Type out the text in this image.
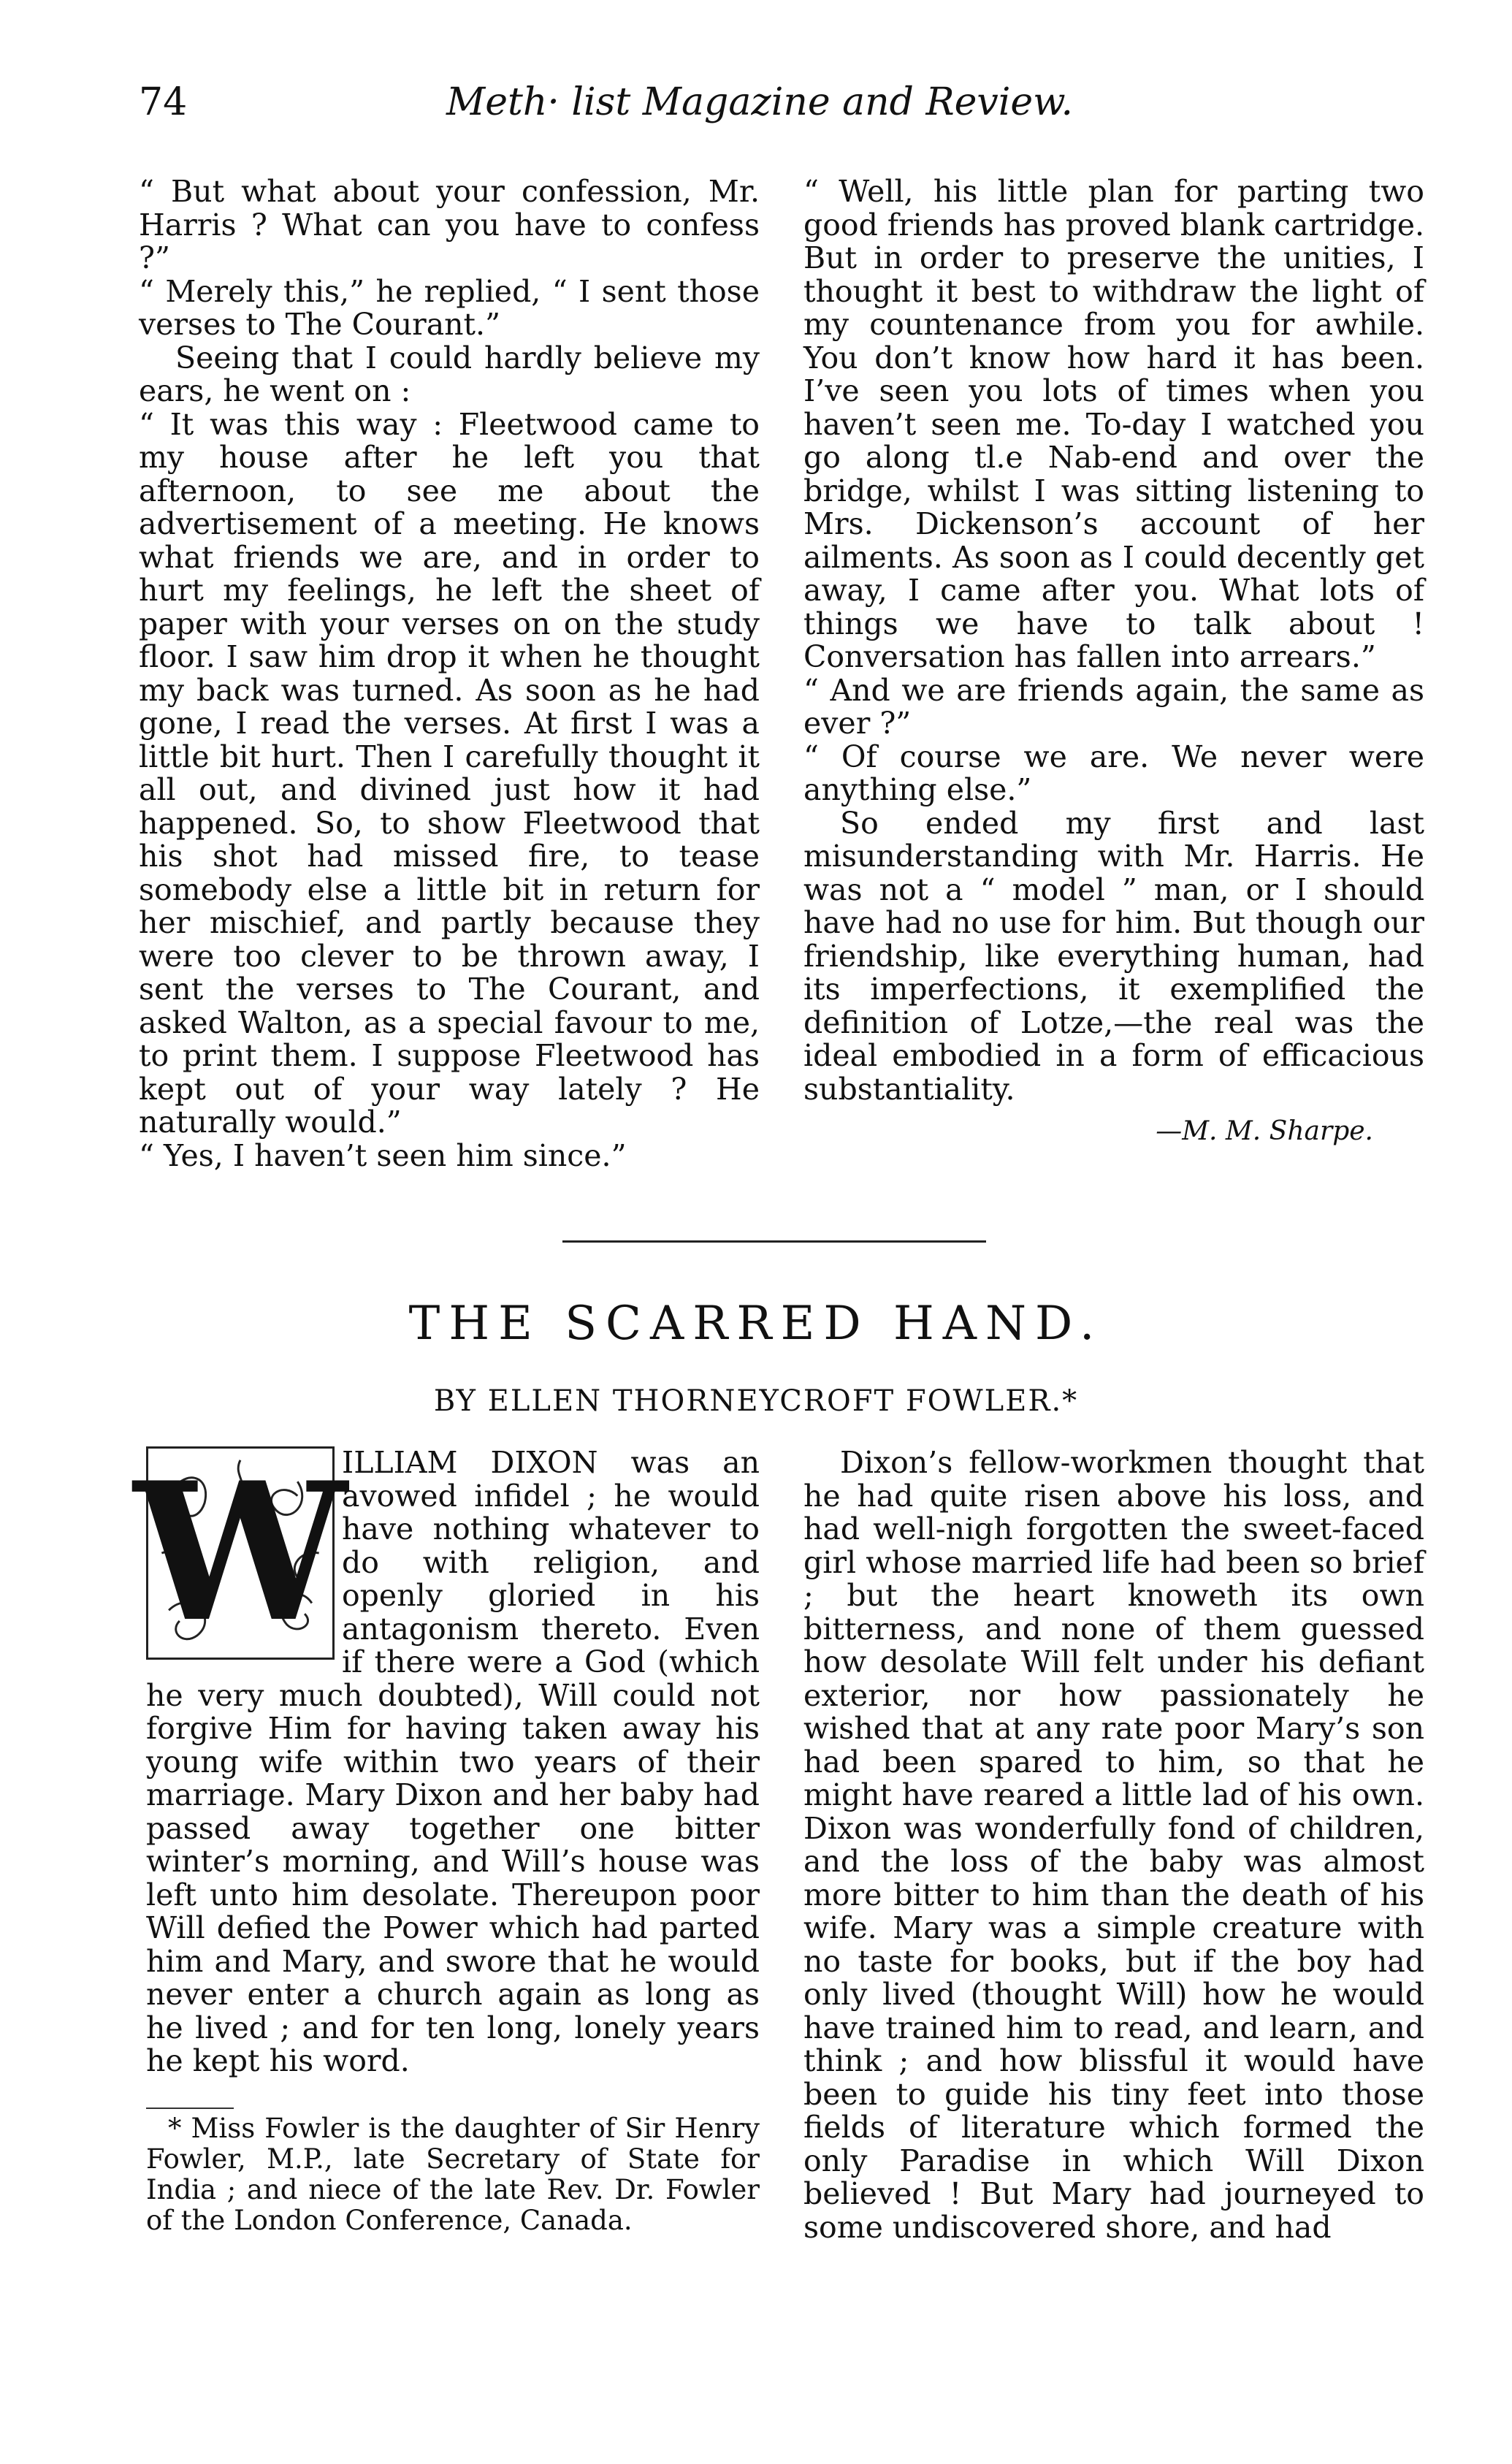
74	Meth· list Magazine and Review.

“ But what about your confession, Mr. Harris ? What can you have to confess ?”

“ Merely this,” he replied, “ I sent those verses to The Courant.”

Seeing that I could hardly believe my ears, he went on :

“ It was this way : Fleetwood came to my house after he left you that afternoon, to see me about the advertisement of a meeting. He knows what friends we are, and in order to hurt my feelings, he left the sheet of paper with your verses on on the study floor. I saw him drop it when he thought my back was turned. As soon as he had gone, I read the verses. At first I was a little bit hurt. Then I carefully thought it all out, and divined just how it had happened. So, to show Fleetwood that his shot had missed fire, to tease somebody else a little bit in return for her mischief, and partly because they were too clever to be thrown away, I sent the verses to The Courant, and asked Walton, as a special favour to me, to print them. I suppose Fleetwood has kept out of your way lately ? He naturally would.”

“ Yes, I haven’t seen him since.”

“ Well, his little plan for parting two good friends has proved blank cartridge. But in order to preserve the unities, I thought it best to withdraw the light of my countenance from you for awhile. You don’t know how hard it has been. I’ve seen you lots of times when you haven’t seen me. To-day I watched you go along tl.e Nab-end and over the bridge, whilst I was sitting listening to Mrs. Dickenson’s account of her ailments. As soon as I could decently get away, I came after you. What lots of things we have to talk about ! Conversation has fallen into arrears.”

“ And we are friends again, the same as ever ?”

“ Of course we are. We never were anything else.”

So ended my first and last misunderstanding with Mr. Harris. He was not a “ model ” man, or I should have had no use for him. But though our friendship, like everything human, had its imperfections, it exemplified the definition of Lotze,—the real was the ideal embodied in a form of efficacious substantiality.

—M. M. Sharpe.
THE SCARRED HAND.
BY ELLEN THORNEYCROFT FOWLER.*
W

ILLIAM DIXON was an avowed infidel ; he would have nothing whatever to do with religion, and openly gloried in his antagonism thereto. Even if there were a God (which he very much doubted), Will could not forgive Him for having taken away his young wife within two years of their marriage. Mary Dixon and her baby had passed away together one bitter winter’s morning, and Will’s house was left unto him desolate. Thereupon poor Will defied the Power which had parted him and Mary, and swore that he would never enter a church again as long as he lived ; and for ten long, lonely years he kept his word.

* Miss Fowler is the daughter of Sir Henry Fowler, M.P., late Secretary of State for India ; and niece of the late Rev. Dr. Fowler of the London Conference, Canada.

Dixon’s fellow-workmen thought that he had quite risen above his loss, and had well-nigh forgotten the sweet-faced girl whose married life had been so brief ; but the heart knoweth its own bitterness, and none of them guessed how desolate Will felt under his defiant exterior, nor how passionately he wished that at any rate poor Mary’s son had been spared to him, so that he might have reared a little lad of his own. Dixon was wonderfully fond of children, and the loss of the baby was almost more bitter to him than the death of his wife. Mary was a simple creature with no taste for books, but if the boy had only lived (thought Will) how he would have trained him to read, and learn, and think ; and how blissful it would have been to guide his tiny feet into those fields of literature which formed the only Paradise in which Will Dixon believed ! But Mary had journeyed to some undiscovered shore, and had
